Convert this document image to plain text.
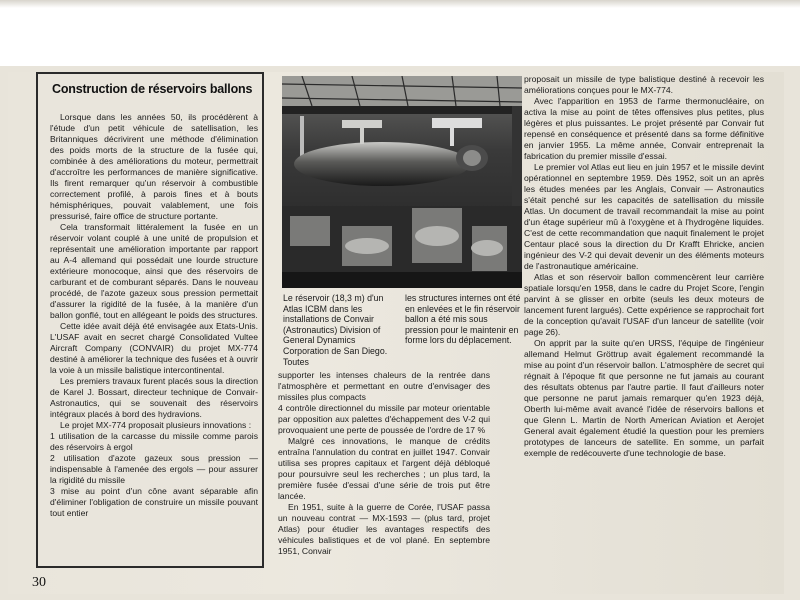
Construction de réservoirs ballons

Lorsque dans les années 50, ils procédèrent à l'étude d'un petit véhicule de satellisation, les Britanniques décrivirent une méthode d'élimination des poids morts de la structure de la fusée qui, combinée à des améliorations du moteur, permettrait d'accroître les performances de manière significative. Ils firent remarquer qu'un réservoir à combustible correctement profilé, à parois fines et à bouts hémisphériques, pouvait valablement, une fois pressurisé, faire office de structure portante.

Cela transformait littéralement la fusée en un réservoir volant couplé à une unité de propulsion et représentait une amélioration importante par rapport au A-4 allemand qui possédait une lourde structure extérieure monocoque, ainsi que des réservoirs de carburant et de comburant séparés. Dans le nouveau procédé, de l'azote gazeux sous pression permettait d'assurer la rigidité de la fusée, à la manière d'un ballon gonflé, tout en allégeant le poids des structures.

Cette idée avait déjà été envisagée aux Etats-Unis. L'USAF avait en secret chargé Consolidated Vultee Aircraft Company (CONVAIR) du projet MX-774 destiné à améliorer la technique des fusées et à ouvrir la voie à un missile balistique intercontinental.

Les premiers travaux furent placés sous la direction de Karel J. Bossart, directeur technique de Convair-Astronautics, qui se souvenait des réservoirs intégraux placés à bord des hydravions.

Le projet MX-774 proposait plusieurs innovations :

1 utilisation de la carcasse du missile comme parois des réservoirs à ergol

2 utilisation d'azote gazeux sous pression — indispensable à l'amenée des ergols — pour assurer la rigidité du missile

3 mise au point d'un cône avant séparable afin d'éliminer l'obligation de construire un missile pouvant tout entier

Le réservoir (18,3 m) d'un Atlas ICBM dans les installations de Convair (Astronautics) Division of General Dynamics Corporation de San Diego. Toutes
les structures internes ont été en enlevées et le fin réservoir ballon a été mis sous pression pour le maintenir en forme lors du déplacement.

supporter les intenses chaleurs de la rentrée dans l'atmosphère et permettant en outre d'envisager des missiles plus compacts

4 contrôle directionnel du missile par moteur orientable par opposition aux palettes d'échappement des V-2 qui provoquaient une perte de poussée de l'ordre de 17 %

Malgré ces innovations, le manque de crédits entraîna l'annulation du contrat en juillet 1947. Convair utilisa ses propres capitaux et l'argent déjà débloqué pour poursuivre seul les recherches ; un plus tard, la première fusée d'essai d'une série de trois put être lancée.

En 1951, suite à la guerre de Corée, l'USAF passa un nouveau contrat — MX-1593 — (plus tard, projet Atlas) pour étudier les avantages respectifs des véhicules balistiques et de vol plané. En septembre 1951, Convair

proposait un missile de type balistique destiné à recevoir les améliorations conçues pour le MX-774.

Avec l'apparition en 1953 de l'arme thermonucléaire, on activa la mise au point de têtes offensives plus petites, plus légères et plus puissantes. Le projet présenté par Convair fut repensé en conséquence et présenté dans sa forme définitive en janvier 1955. La même année, Convair entreprenait la fabrication du premier missile d'essai.

Le premier vol Atlas eut lieu en juin 1957 et le missile devint opérationnel en septembre 1959. Dès 1952, soit un an après les études menées par les Anglais, Convair — Astronautics s'était penché sur les capacités de satellisation du missile Atlas. Un document de travail recommandait la mise au point d'un étage supérieur mû à l'oxygène et à l'hydrogène liquides. C'est de cette recommandation que naquit finalement le projet Centaur placé sous la direction du Dr Krafft Ehricke, ancien ingénieur des V-2 qui devait devenir un des éléments moteurs de l'astronautique américaine.

Atlas et son réservoir ballon commencèrent leur carrière spatiale lorsqu'en 1958, dans le cadre du Projet Score, l'engin parvint à se glisser en orbite (seuls les deux moteurs de lancement furent largués). Cette expérience se rapprochait fort de la conception qu'avait l'USAF d'un lanceur de satellite (voir page 26).

On apprit par la suite qu'en URSS, l'équipe de l'ingénieur allemand Helmut Gröttrup avait également recommandé la mise au point d'un réservoir ballon. L'atmosphère de secret qui régnait à l'époque fit que personne ne fut jamais au courant des résultats obtenus par l'autre partie. Il faut d'ailleurs noter que personne ne parut jamais remarquer qu'en 1923 déjà, Oberth lui-même avait avancé l'idée de réservoirs ballons et que Glenn L. Martin de North American Aviation et Aerojet General avait également étudié la question pour les premiers prototypes de lanceurs de satellite. En somme, un parfait exemple de redécouverte d'une technologie de base.

30
